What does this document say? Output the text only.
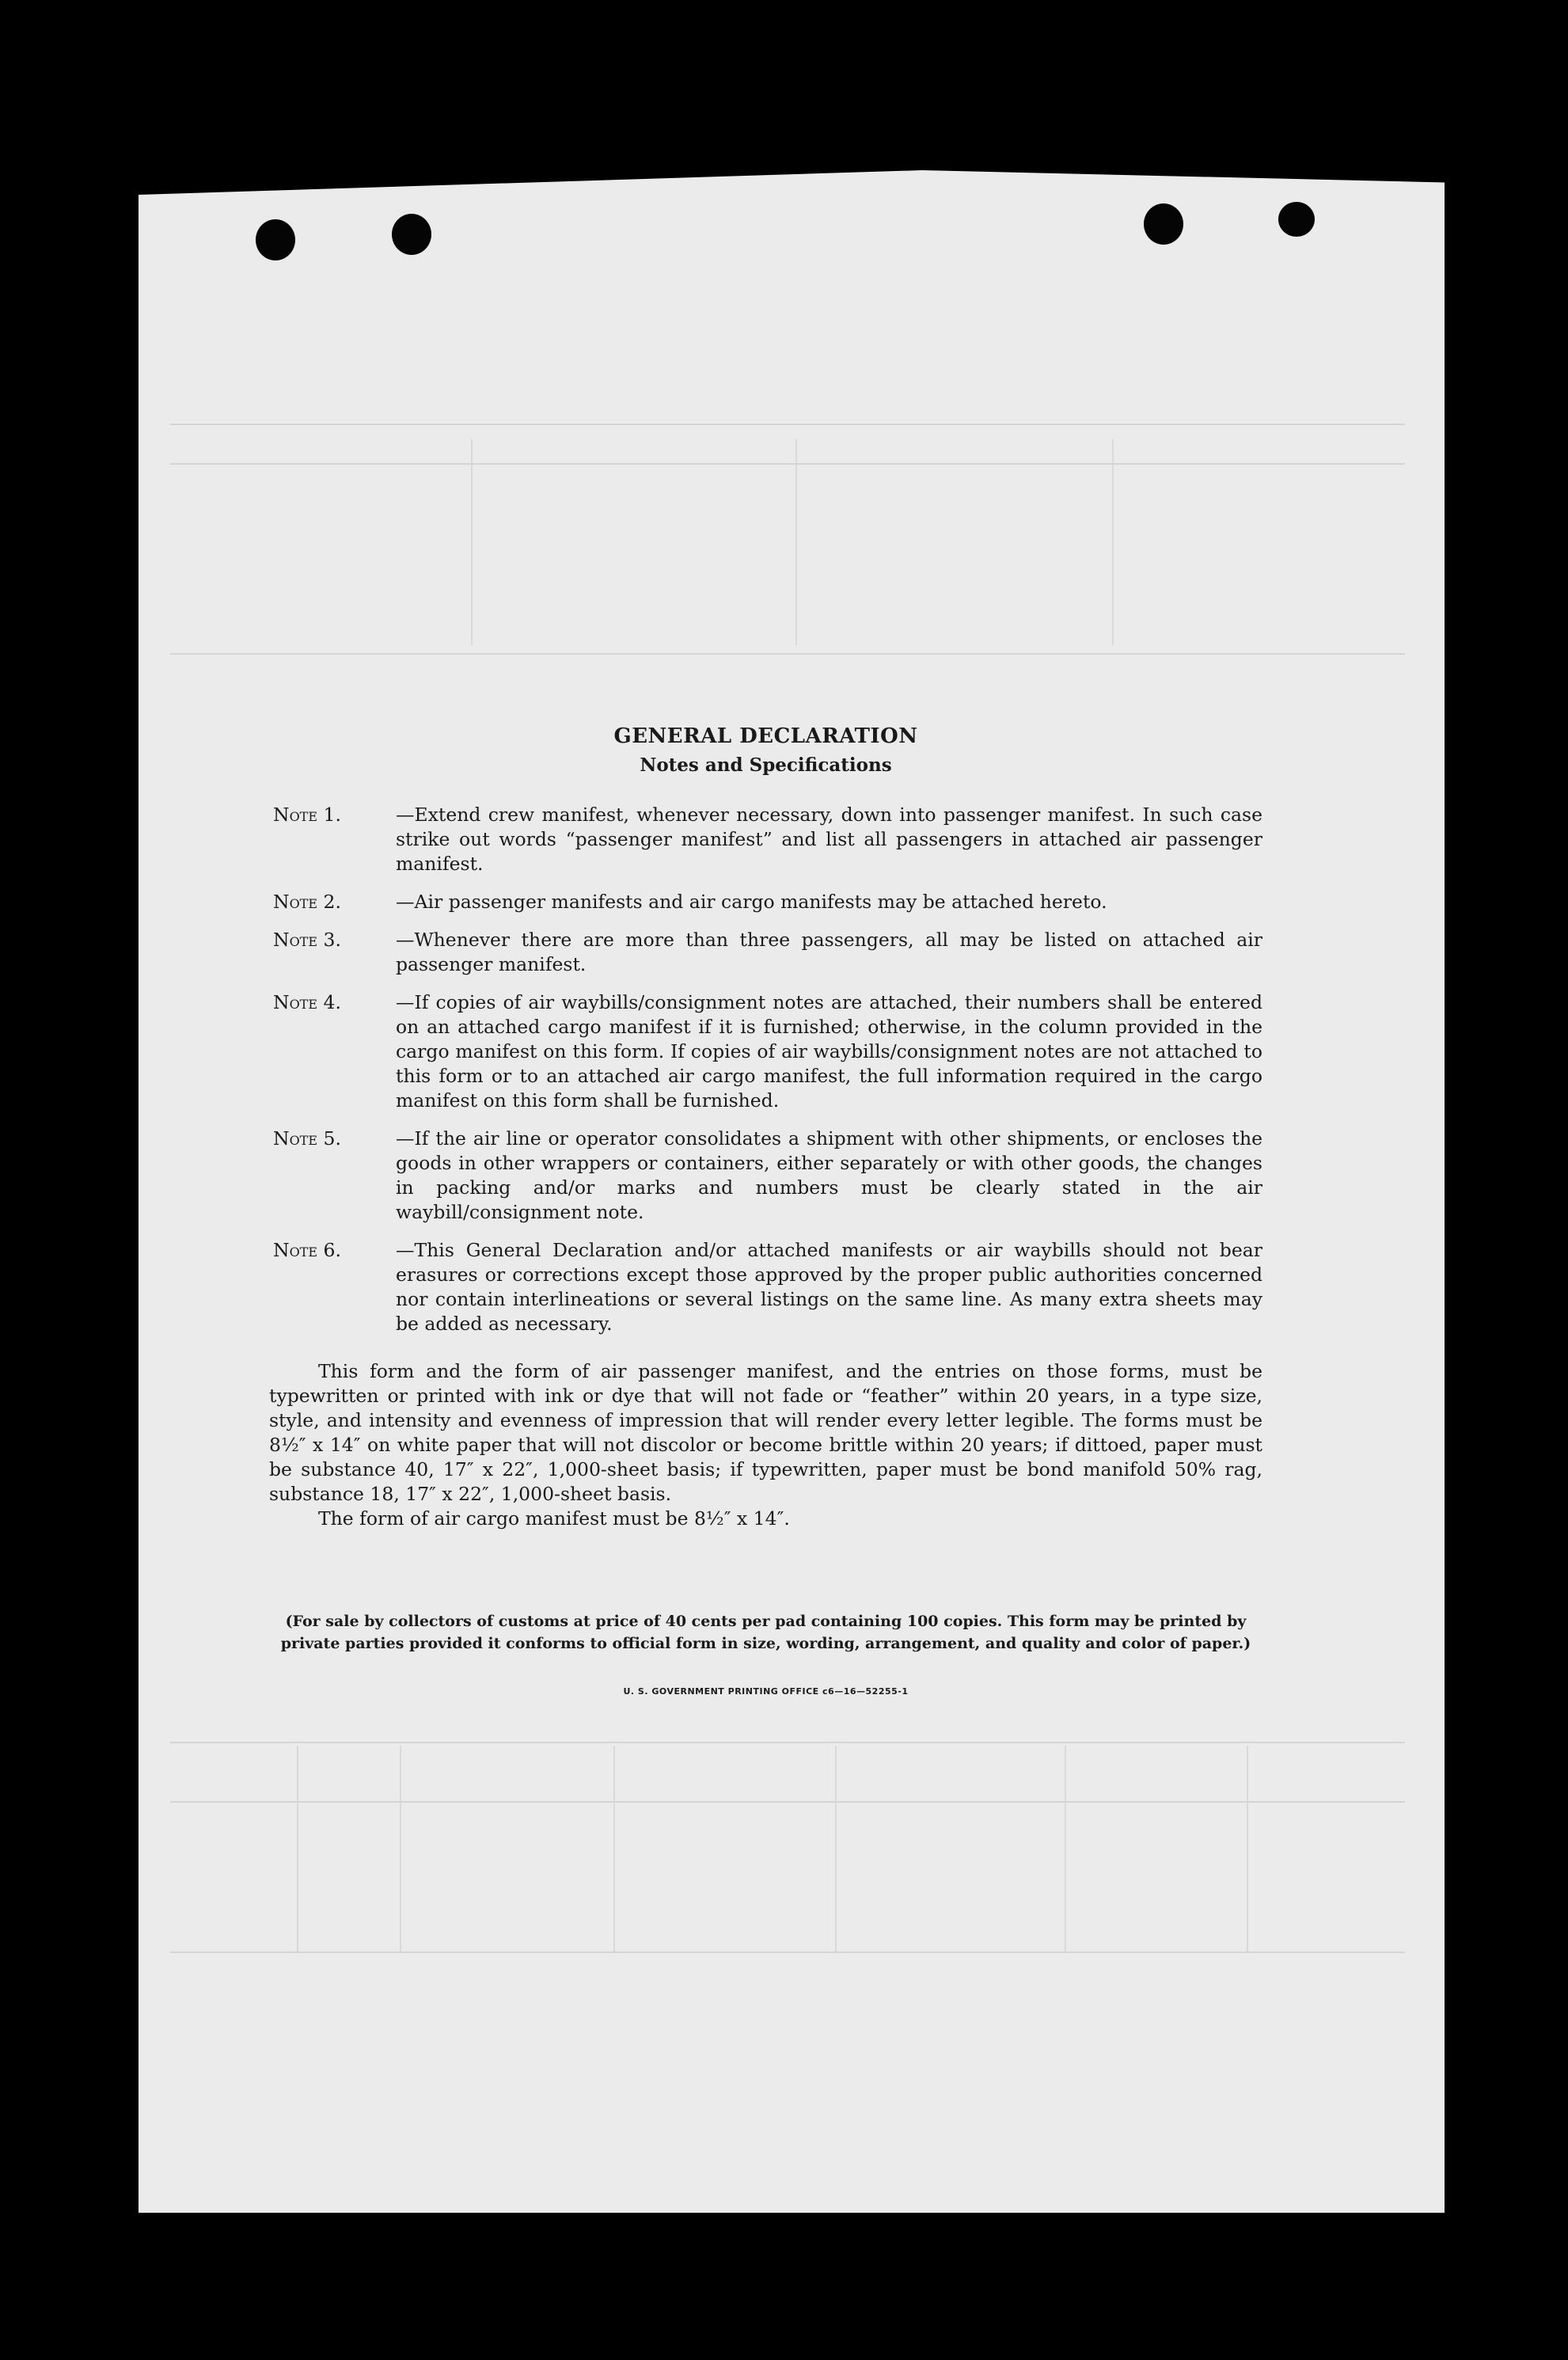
GENERAL DECLARATION
Notes and Specifications
Note 1.	—Extend crew manifest, whenever necessary, down into passenger manifest. In such case strike out words “passenger manifest” and list all passengers in attached air passenger manifest.
Note 2.	—Air passenger manifests and air cargo manifests may be attached hereto.
Note 3.	—Whenever there are more than three passengers, all may be listed on attached air passenger manifest.
Note 4.	—If copies of air waybills/consignment notes are attached, their numbers shall be entered on an attached cargo manifest if it is furnished; otherwise, in the column provided in the cargo manifest on this form. If copies of air waybills/consignment notes are not attached to this form or to an attached air cargo manifest, the full information required in the cargo manifest on this form shall be furnished.
Note 5.	—If the air line or operator consolidates a shipment with other shipments, or encloses the goods in other wrappers or containers, either separately or with other goods, the changes in packing and/or marks and numbers must be clearly stated in the air waybill/consignment note.
Note 6.	—This General Declaration and/or attached manifests or air waybills should not bear erasures or corrections except those approved by the proper public authorities concerned nor contain interlineations or several listings on the same line. As many extra sheets may be added as necessary.

This form and the form of air passenger manifest, and the entries on those forms, must be typewritten or printed with ink or dye that will not fade or “feather” within 20 years, in a type size, style, and intensity and evenness of impression that will render every letter legible. The forms must be 8½″ x 14″ on white paper that will not discolor or become brittle within 20 years; if dittoed, paper must be substance 40, 17″ x 22″, 1,000-sheet basis; if typewritten, paper must be bond manifold 50% rag, substance 18, 17″ x 22″, 1,000-sheet basis.

The form of air cargo manifest must be 8½″ x 14″.

(For sale by collectors of customs at price of 40 cents per pad containing 100 copies. This form may be printed by private parties provided it conforms to official form in size, wording, arrangement, and quality and color of paper.)
U. S. GOVERNMENT PRINTING OFFICE c6—16—52255-1
